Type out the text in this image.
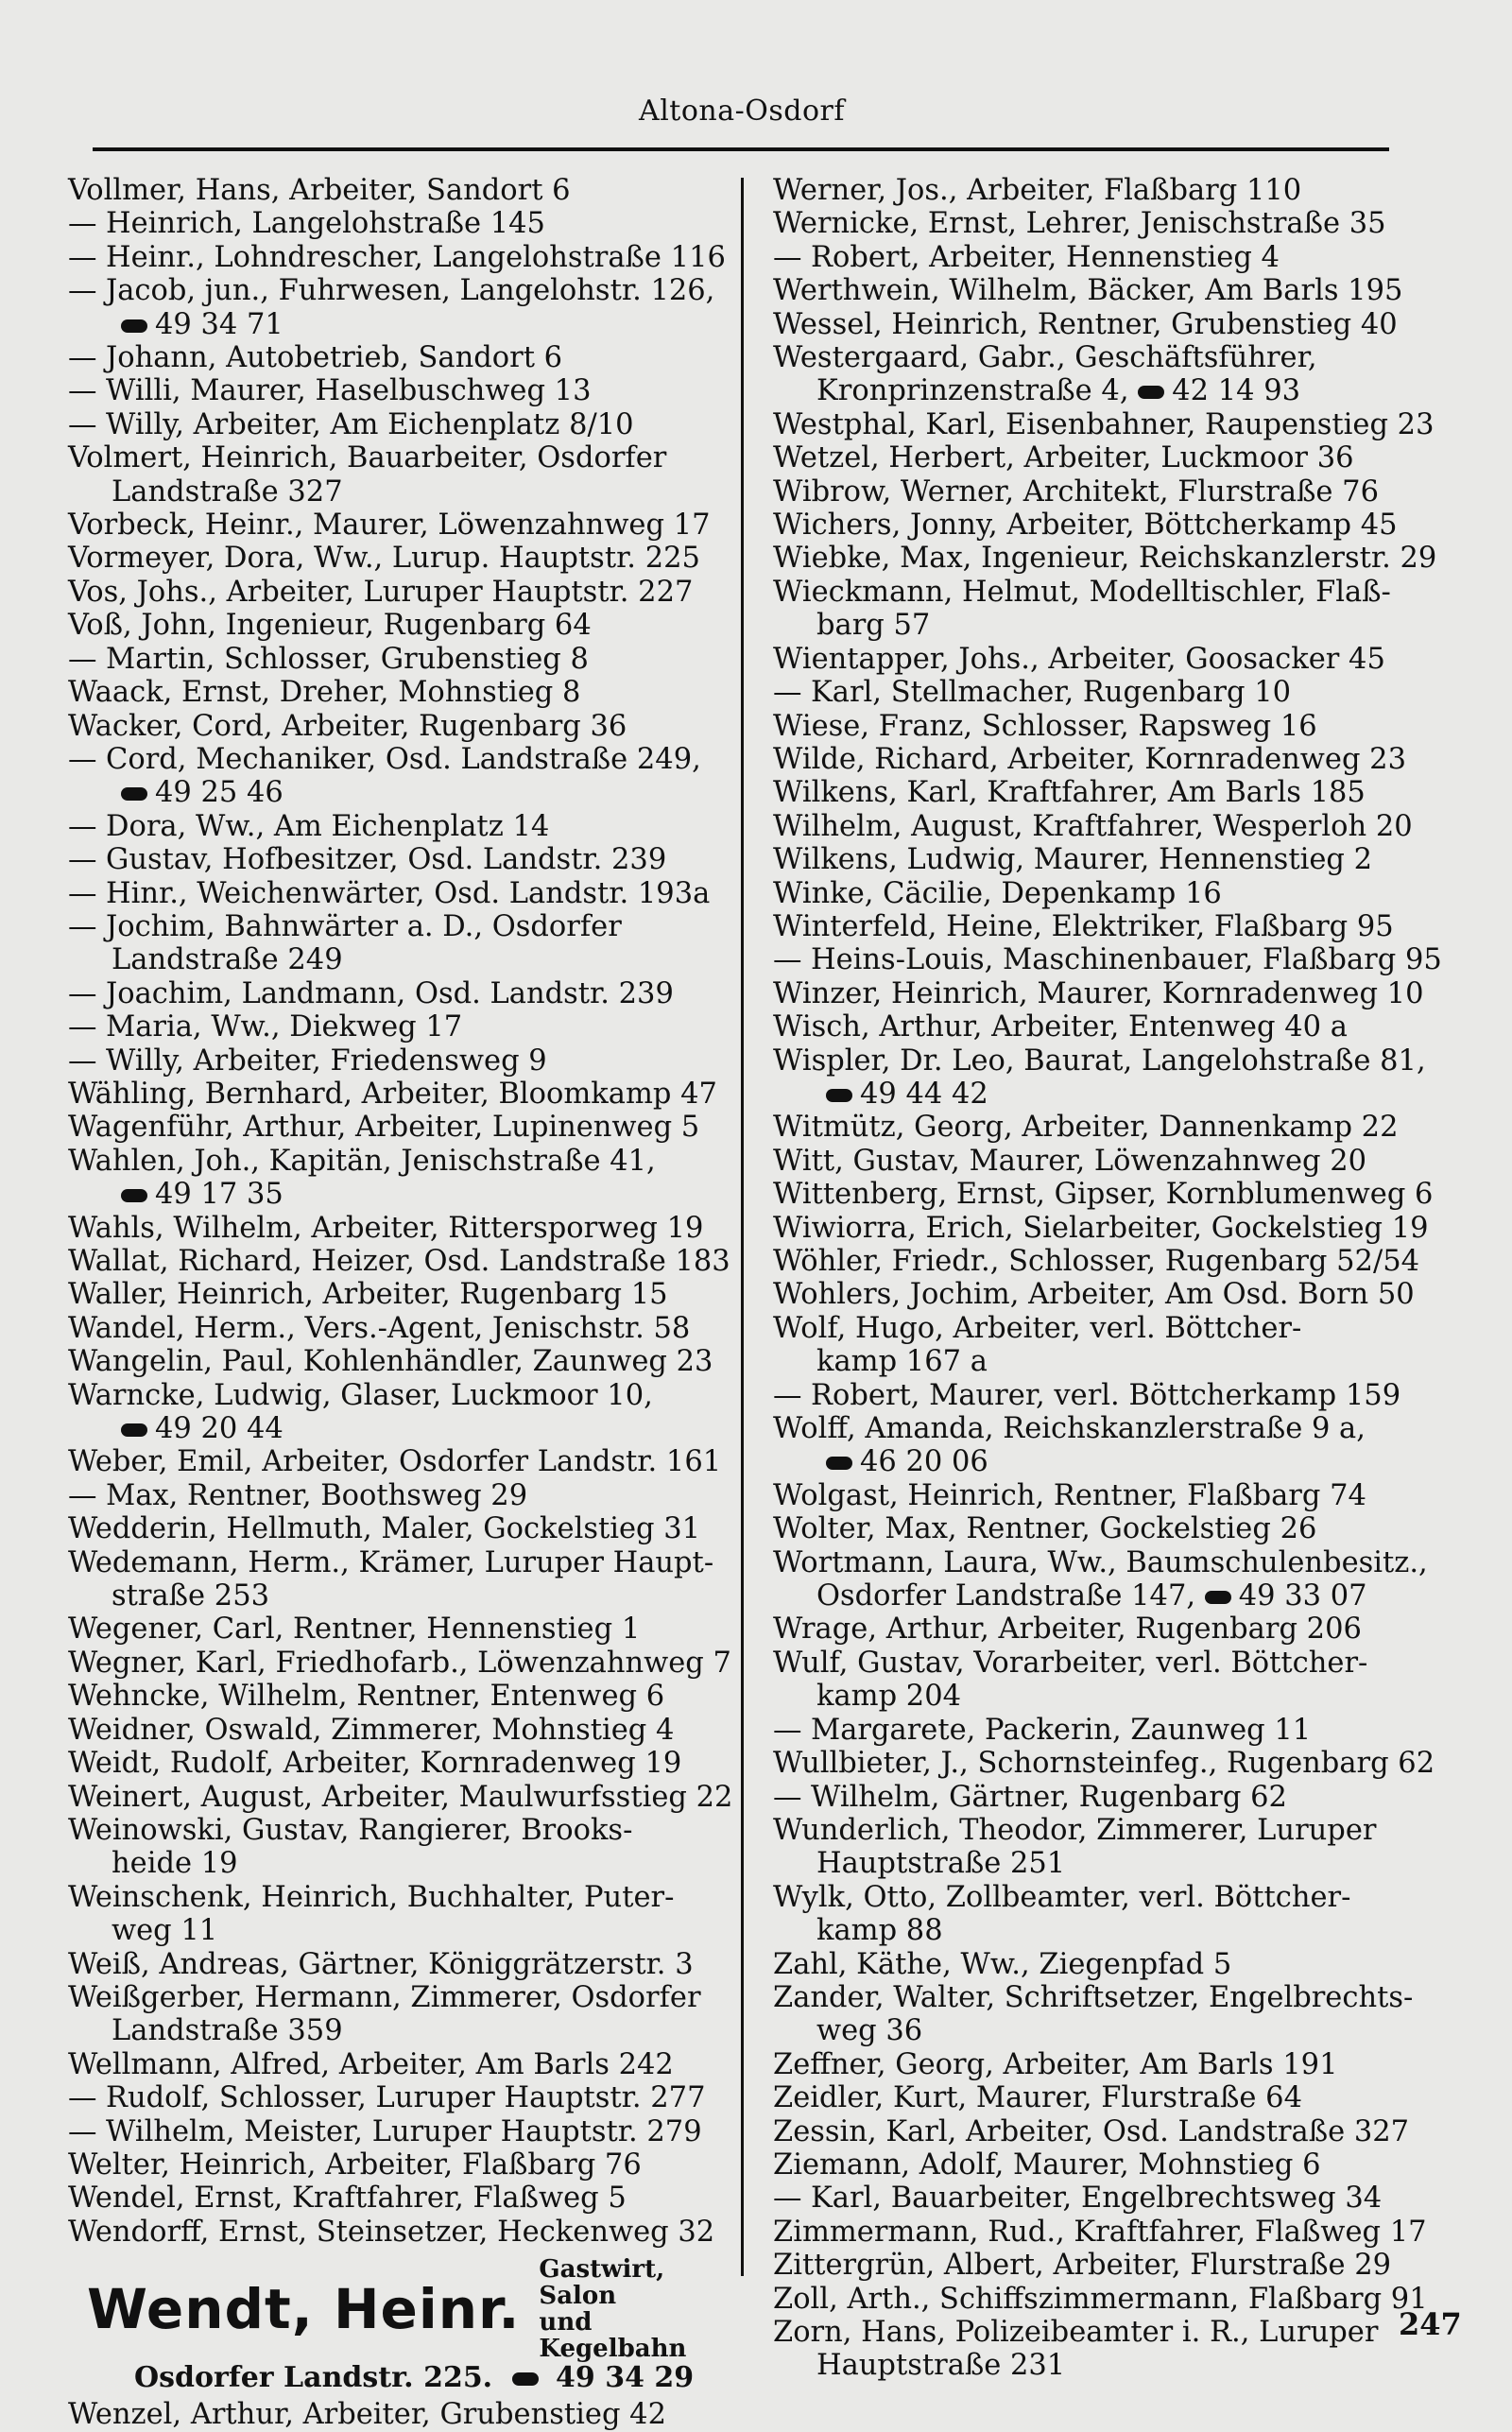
Altona-Osdorf
Vollmer, Hans, Arbeiter, Sandort 6
— Heinrich, Langelohstraße 145
— Heinr., Lohndrescher, Langelohstraße 116
— Jacob, jun., Fuhrwesen, Langelohstr. 126,
49 34 71
— Johann, Autobetrieb, Sandort 6
— Willi, Maurer, Haselbuschweg 13
— Willy, Arbeiter, Am Eichenplatz 8/10
Volmert, Heinrich, Bauarbeiter, Osdorfer
Landstraße 327
Vorbeck, Heinr., Maurer, Löwenzahnweg 17
Vormeyer, Dora, Ww., Lurup. Hauptstr. 225
Vos, Johs., Arbeiter, Luruper Hauptstr. 227
Voß, John, Ingenieur, Rugenbarg 64
— Martin, Schlosser, Grubenstieg 8
Waack, Ernst, Dreher, Mohnstieg 8
Wacker, Cord, Arbeiter, Rugenbarg 36
— Cord, Mechaniker, Osd. Landstraße 249,
49 25 46
— Dora, Ww., Am Eichenplatz 14
— Gustav, Hofbesitzer, Osd. Landstr. 239
— Hinr., Weichenwärter, Osd. Landstr. 193a
— Jochim, Bahnwärter a. D., Osdorfer
Landstraße 249
— Joachim, Landmann, Osd. Landstr. 239
— Maria, Ww., Diekweg 17
— Willy, Arbeiter, Friedensweg 9
Wähling, Bernhard, Arbeiter, Bloomkamp 47
Wagenführ, Arthur, Arbeiter, Lupinenweg 5
Wahlen, Joh., Kapitän, Jenischstraße 41,
49 17 35
Wahls, Wilhelm, Arbeiter, Rittersporweg 19
Wallat, Richard, Heizer, Osd. Landstraße 183
Waller, Heinrich, Arbeiter, Rugenbarg 15
Wandel, Herm., Vers.-Agent, Jenischstr. 58
Wangelin, Paul, Kohlenhändler, Zaunweg 23
Warncke, Ludwig, Glaser, Luckmoor 10,
49 20 44
Weber, Emil, Arbeiter, Osdorfer Landstr. 161
— Max, Rentner, Boothsweg 29
Wedderin, Hellmuth, Maler, Gockelstieg 31
Wedemann, Herm., Krämer, Luruper Haupt-
straße 253
Wegener, Carl, Rentner, Hennenstieg 1
Wegner, Karl, Friedhofarb., Löwenzahnweg 7
Wehncke, Wilhelm, Rentner, Entenweg 6
Weidner, Oswald, Zimmerer, Mohnstieg 4
Weidt, Rudolf, Arbeiter, Kornradenweg 19
Weinert, August, Arbeiter, Maulwurfsstieg 22
Weinowski, Gustav, Rangierer, Brooks-
heide 19
Weinschenk, Heinrich, Buchhalter, Puter-
weg 11
Weiß, Andreas, Gärtner, Königgrätzerstr. 3
Weißgerber, Hermann, Zimmerer, Osdorfer
Landstraße 359
Wellmann, Alfred, Arbeiter, Am Barls 242
— Rudolf, Schlosser, Luruper Hauptstr. 277
— Wilhelm, Meister, Luruper Hauptstr. 279
Welter, Heinrich, Arbeiter, Flaßbarg 76
Wendel, Ernst, Kraftfahrer, Flaßweg 5
Wendorff, Ernst, Steinsetzer, Heckenweg 32
Wendt, Heinr.
Gastwirt, Salon
und Kegelbahn
Osdorfer Landstr. 225. 49 34 29
Wenzel, Arthur, Arbeiter, Grubenstieg 42
Werner, Jos., Arbeiter, Flaßbarg 110
Wernicke, Ernst, Lehrer, Jenischstraße 35
— Robert, Arbeiter, Hennenstieg 4
Werthwein, Wilhelm, Bäcker, Am Barls 195
Wessel, Heinrich, Rentner, Grubenstieg 40
Westergaard, Gabr., Geschäftsführer,
Kronprinzenstraße 4, 42 14 93
Westphal, Karl, Eisenbahner, Raupenstieg 23
Wetzel, Herbert, Arbeiter, Luckmoor 36
Wibrow, Werner, Architekt, Flurstraße 76
Wichers, Jonny, Arbeiter, Böttcherkamp 45
Wiebke, Max, Ingenieur, Reichskanzlerstr. 29
Wieckmann, Helmut, Modelltischler, Flaß-
barg 57
Wientapper, Johs., Arbeiter, Goosacker 45
— Karl, Stellmacher, Rugenbarg 10
Wiese, Franz, Schlosser, Rapsweg 16
Wilde, Richard, Arbeiter, Kornradenweg 23
Wilkens, Karl, Kraftfahrer, Am Barls 185
Wilhelm, August, Kraftfahrer, Wesperloh 20
Wilkens, Ludwig, Maurer, Hennenstieg 2
Winke, Cäcilie, Depenkamp 16
Winterfeld, Heine, Elektriker, Flaßbarg 95
— Heins-Louis, Maschinenbauer, Flaßbarg 95
Winzer, Heinrich, Maurer, Kornradenweg 10
Wisch, Arthur, Arbeiter, Entenweg 40 a
Wispler, Dr. Leo, Baurat, Langelohstraße 81,
49 44 42
Witmütz, Georg, Arbeiter, Dannenkamp 22
Witt, Gustav, Maurer, Löwenzahnweg 20
Wittenberg, Ernst, Gipser, Kornblumenweg 6
Wiwiorra, Erich, Sielarbeiter, Gockelstieg 19
Wöhler, Friedr., Schlosser, Rugenbarg 52/54
Wohlers, Jochim, Arbeiter, Am Osd. Born 50
Wolf, Hugo, Arbeiter, verl. Böttcher-
kamp 167 a
— Robert, Maurer, verl. Böttcherkamp 159
Wolff, Amanda, Reichskanzlerstraße 9 a,
46 20 06
Wolgast, Heinrich, Rentner, Flaßbarg 74
Wolter, Max, Rentner, Gockelstieg 26
Wortmann, Laura, Ww., Baumschulenbesitz.,
Osdorfer Landstraße 147, 49 33 07
Wrage, Arthur, Arbeiter, Rugenbarg 206
Wulf, Gustav, Vorarbeiter, verl. Böttcher-
kamp 204
— Margarete, Packerin, Zaunweg 11
Wullbieter, J., Schornsteinfeg., Rugenbarg 62
— Wilhelm, Gärtner, Rugenbarg 62
Wunderlich, Theodor, Zimmerer, Luruper
Hauptstraße 251
Wylk, Otto, Zollbeamter, verl. Böttcher-
kamp 88
Zahl, Käthe, Ww., Ziegenpfad 5
Zander, Walter, Schriftsetzer, Engelbrechts-
weg 36
Zeffner, Georg, Arbeiter, Am Barls 191
Zeidler, Kurt, Maurer, Flurstraße 64
Zessin, Karl, Arbeiter, Osd. Landstraße 327
Ziemann, Adolf, Maurer, Mohnstieg 6
— Karl, Bauarbeiter, Engelbrechtsweg 34
Zimmermann, Rud., Kraftfahrer, Flaßweg 17
Zittergrün, Albert, Arbeiter, Flurstraße 29
Zoll, Arth., Schiffszimmermann, Flaßbarg 91
Zorn, Hans, Polizeibeamter i. R., Luruper
Hauptstraße 231
247
